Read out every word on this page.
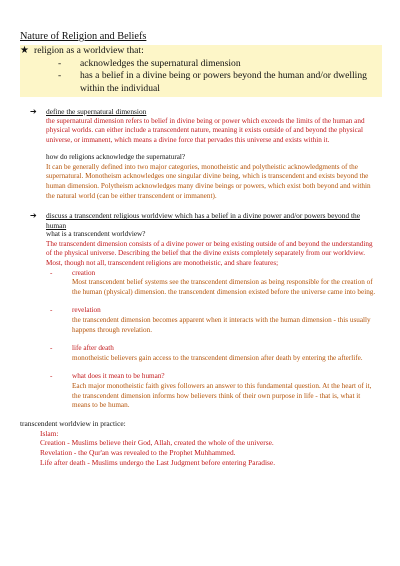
Nature of Religion and Beliefs
★ religion as a worldview that:
-	acknowledges the supernatural dimension
-	has a belief in a divine being or powers beyond the human and/or dwelling within the individual
➔	define the supernatural dimension
the supernatural dimension refers to belief in divine being or power which exceeds the limits of the human and physical worlds. can either include a transcendent nature, meaning it exists outside of and beyond the physical universe, or immanent, which means a divine force that pervades this universe and exists within it.
how do religions acknowledge the supernatural?
It can be generally defined into two major categories, monotheistic and polytheistic acknowledgments of the supernatural. Monotheism acknowledges one singular divine being, which is transcendent and exists beyond the human dimension. Polytheism acknowledges many divine beings or powers, which exist both beyond and within the natural world (can be either transcendent or immanent).
➔	discuss a transcendent religious worldview which has a belief in a divine power and/or powers beyond the human
what is a transcendent worldview?
The transcendent dimension consists of a divine power or being existing outside of and beyond the understanding of the physical universe. Describing the belief that the divine exists completely separately from our worldview. Most, though not all, transcendent religions are monotheistic, and share features;
-	creation
Most transcendent belief systems see the transcendent dimension as being responsible for the creation of the human (physical) dimension. the transcendent dimension existed before the universe came into being.
-	revelation
the transcendent dimension becomes apparent when it interacts with the human dimension - this usually happens through revelation.
-	life after death
monotheistic believers gain access to the transcendent dimension after death by entering the afterlife.
-	what does it mean to be human?
Each major monotheistic faith gives followers an answer to this fundamental question. At the heart of it, the transcendent dimension informs how believers think of their own purpose in life - that is, what it means to be human.
transcendent worldview in practice:
Islam:
Creation - Muslims believe their God, Allah, created the whole of the universe.
Revelation - the Qur'an was revealed to the Prophet Muhhammed.
Life after death - Muslims undergo the Last Judgment before entering Paradise.
